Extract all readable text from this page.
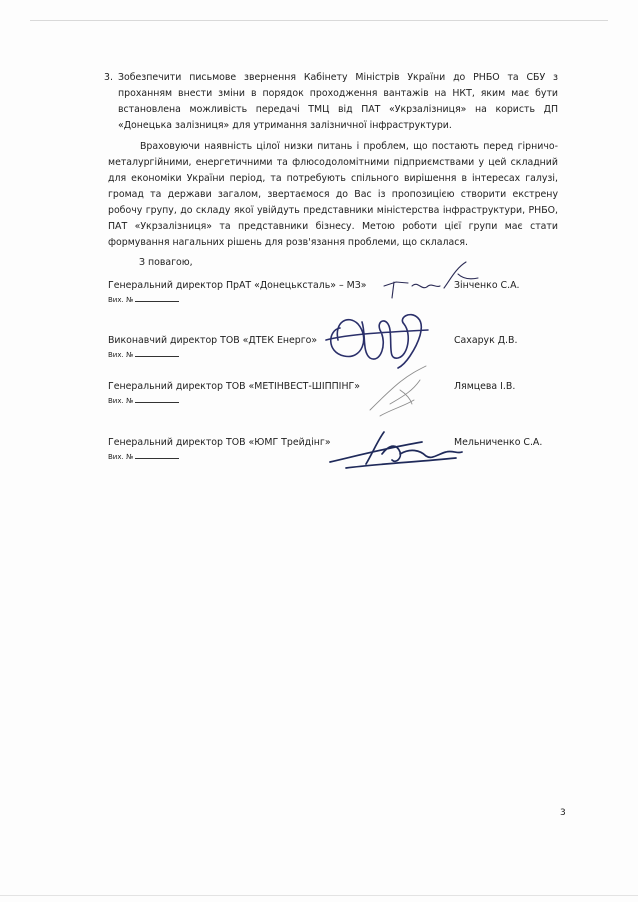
3. Зобезпечити письмове звернення Кабінету Міністрів України до РНБО та СБУ з проханням внести зміни в порядок проходження вантажів на НКТ, яким має бути встановлена можливість передачі ТМЦ від ПАТ «Укрзалізниця» на користь ДП «Донецька залізниця» для утримання залізничної інфраструктури.

Враховуючи наявність цілої низки питань і проблем, що постають перед гірничо-металургійними, енергетичними та флюсодоломітними підприємствами у цей складний для економіки України період, та потребують спільного вирішення в інтересах галузі, громад та держави загалом, звертаємося до Вас із пропозицією створити екстрену робочу групу, до складу якої увійдуть представники міністерства інфраструктури, РНБО, ПАТ «Укрзалізниця» та представники бізнесу. Метою роботи цієї групи має стати формування нагальних рішень для розв'язання проблеми, що склалася.

З повагою,
Генеральний директор ПрАТ «Донецьксталь» – МЗ»
Вих. №
Зінченко С.А.
Виконавчий директор ТОВ «ДТЕК Енерго»
Вих. №
Сахарук Д.В.
Генеральний директор ТОВ «МЕТІНВЕСТ-ШІППІНГ»
Вих. №
Лямцева І.В.
Генеральний директор ТОВ «ЮМГ Трейдінг»
Вих. №
Мельниченко С.А.
3
